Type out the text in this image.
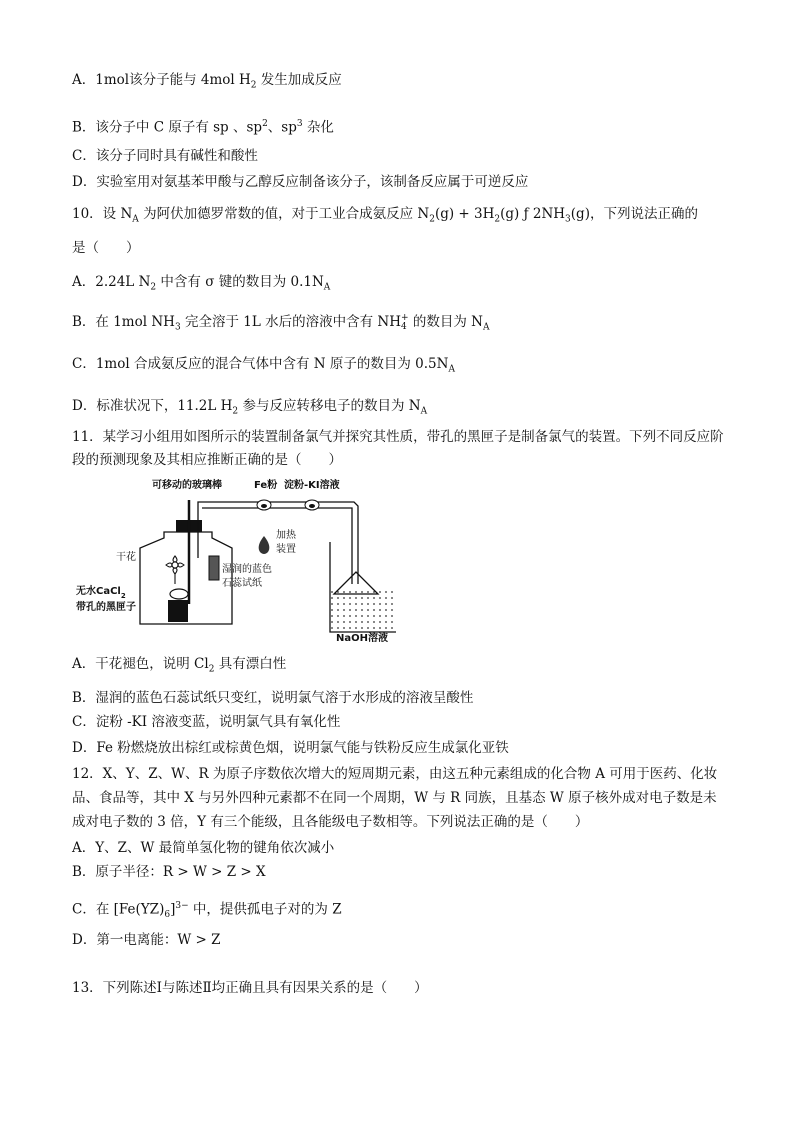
A．1mol该分子能与 4mol $H_2$ 发生加成反应
B．该分子中 C 原子有 sp 、$sp^2$、$sp^3$ 杂化
C．该分子同时具有碱性和酸性
D．实验室用对氨基苯甲酸与乙醇反应制备该分子，该制备反应属于可逆反应
10．设 $N_A$ 为阿伏加德罗常数的值，对于工业合成氨反应 $N_2(g) + 3H_2(g)$ ƒ $2NH_3(g)$，下列说法正确的
是（　　）
A．2.24L $N_2$ 中含有 σ 键的数目为 $0.1N_A$
B．在 1mol $NH_3$ 完全溶于 1L 水后的溶液中含有 NH +
4 的数目为 $N_A$
C．1mol 合成氨反应的混合气体中含有 N 原子的数目为 $0.5N_A$
D．标准状况下，11.2L $H_2$ 参与反应转移电子的数目为 $N_A$
11．某学习小组用如图所示的装置制备氯气并探究其性质，带孔的黑匣子是制备氯气的装置。下列不同反应阶段的预测现象及其相应推断正确的是（　　）
可移动的玻璃棒	Fe粉 淀粉-KI溶液
加热
装置
干花
湿润的蓝色
石蕊试纸
无水CaCl$_2$
带孔的黑匣子
NaOH溶液
A．干花褪色，说明 $Cl_2$ 具有漂白性
B．湿润的蓝色石蕊试纸只变红，说明氯气溶于水形成的溶液呈酸性
C．淀粉 -KI 溶液变蓝，说明氯气具有氧化性
D．Fe 粉燃烧放出棕红或棕黄色烟，说明氯气能与铁粉反应生成氯化亚铁
12．X、Y、Z、W、R 为原子序数依次增大的短周期元素，由这五种元素组成的化合物 A 可用于医药、化妆品、食品等，其中 X 与另外四种元素都不在同一个周期，W 与 R 同族，且基态 W 原子核外成对电子数是未成对电子数的 3 倍，Y 有三个能级，且各能级电子数相等。下列说法正确的是（　　）
A．Y、Z、W 最简单氢化物的键角依次减小
B．原子半径：R > W > Z > X
C．在 $[Fe(YZ)_6]^{3-}$ 中，提供孤电子对的为 Z
D．第一电离能：W > Z
13．下列陈述Ⅰ与陈述Ⅱ均正确且具有因果关系的是（　　）
